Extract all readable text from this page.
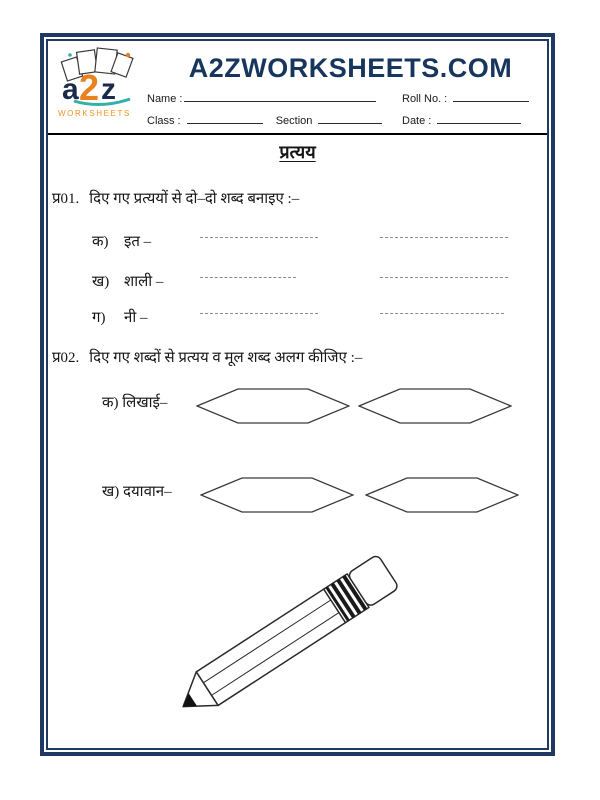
a 2 z
WORKSHEETS
A2ZWORKSHEETS.COM
Name :	Roll No. :
Class :	Section	Date :
प्रत्यय
प्र01. दिए गए प्रत्ययों से दो–दो शब्द बनाइए :–
क) इत –
ख) शाली –
ग) नी –
प्र02. दिए गए शब्दों से प्रत्यय व मूल शब्द अलग कीजिए :–
क) लिखाई–
ख) दयावान–
